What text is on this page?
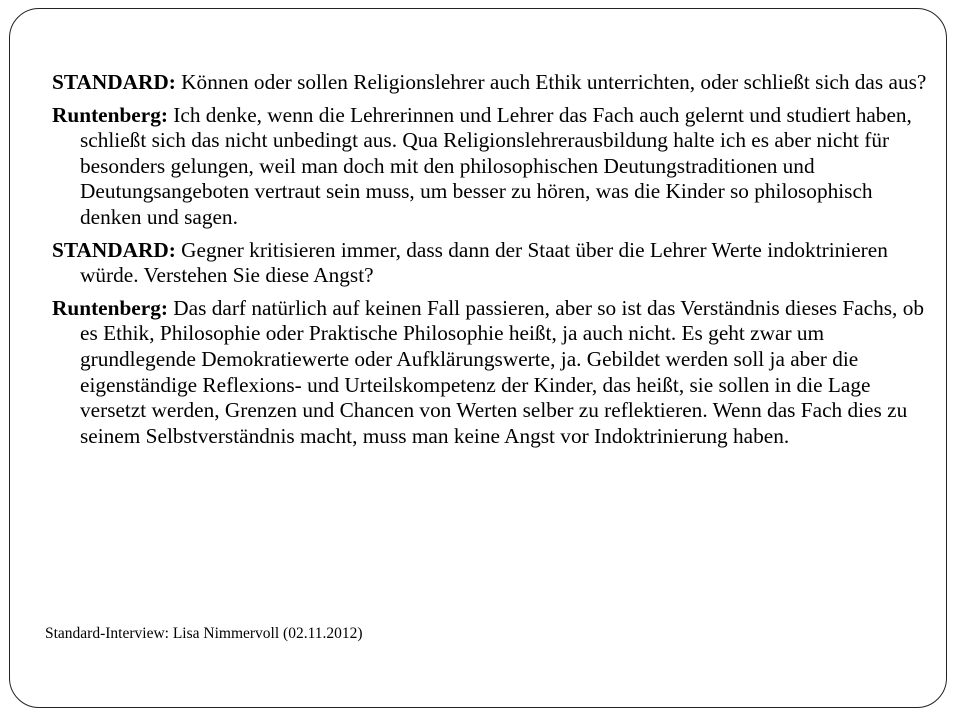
STANDARD: Können oder sollen Religionslehrer auch Ethik unterrichten, oder schließt sich das aus?

Runtenberg: Ich denke, wenn die Lehrerinnen und Lehrer das Fach auch gelernt und studiert haben, schließt sich das nicht unbedingt aus. Qua Religionslehrerausbildung halte ich es aber nicht für besonders gelungen, weil man doch mit den philosophischen Deutungstraditionen und Deutungsangeboten vertraut sein muss, um besser zu hören, was die Kinder so philosophisch denken und sagen.

STANDARD: Gegner kritisieren immer, dass dann der Staat über die Lehrer Werte indoktrinieren würde. Verstehen Sie diese Angst?

Runtenberg: Das darf natürlich auf keinen Fall passieren, aber so ist das Verständnis dieses Fachs, ob es Ethik, Philosophie oder Praktische Philosophie heißt, ja auch nicht. Es geht zwar um grundlegende Demokratiewerte oder Aufklärungswerte, ja. Gebildet werden soll ja aber die eigenständige Reflexions- und Urteilskompetenz der Kinder, das heißt, sie sollen in die Lage versetzt werden, Grenzen und Chancen von Werten selber zu reflektieren. Wenn das Fach dies zu seinem Selbstverständnis macht, muss man keine Angst vor Indoktrinierung haben.

Standard-Interview: Lisa Nimmervoll (02.11.2012)
